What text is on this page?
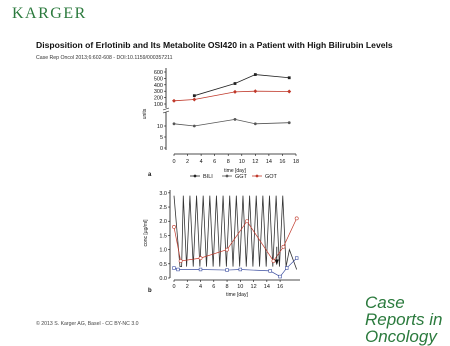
KARGER
Disposition of Erlotinib and Its Metabolite OSI420 in a Patient with High Bilirubin Levels
Case Rep Oncol 2013;6:602-608 - DOI:10.1159/000357211
© 2013 S. Karger AG, Basel - CC BY-NC 3.0
Case Reports in
Oncology
100
200
300
400
500
600
0
5
10
units
0 2 4 6 8 10 12 14 16 18
time [day]
a	BILI	GGT	GOT
0.0
0.5
1.0
1.5
2.0
2.5
3.0
conc [µg/ml]
0 2 4 6 8 10 12 14 16
time [day]
b
